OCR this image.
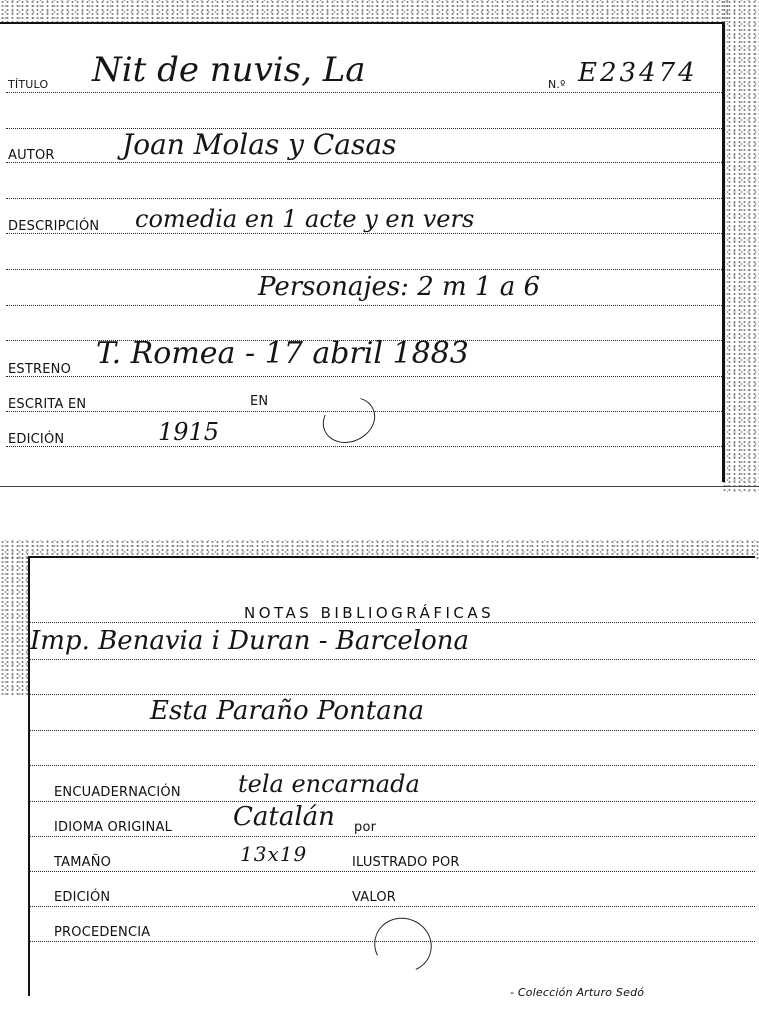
TÍTULO Nit de nuvis, La	N.º E23474
AUTOR Joan Molas y Casas
DESCRIPCIÓN comedia en 1 acte y en vers
Personajes: 2 m 1 a 6
ESTRENO T. Romea - 17 abril 1883
ESCRITA EN	EN
EDICIÓN	1915
NOTAS BIBLIOGRÁFICAS
Imp. Benavia i Duran - Barcelona
Esta Paraño Pontana
ENCUADERNACIÓN tela encarnada
IDIOMA ORIGINAL Catalán por
TAMAÑO	13x19	ILUSTRADO POR
EDICIÓN	VALOR
PROCEDENCIA
- Colección Arturo Sedó
